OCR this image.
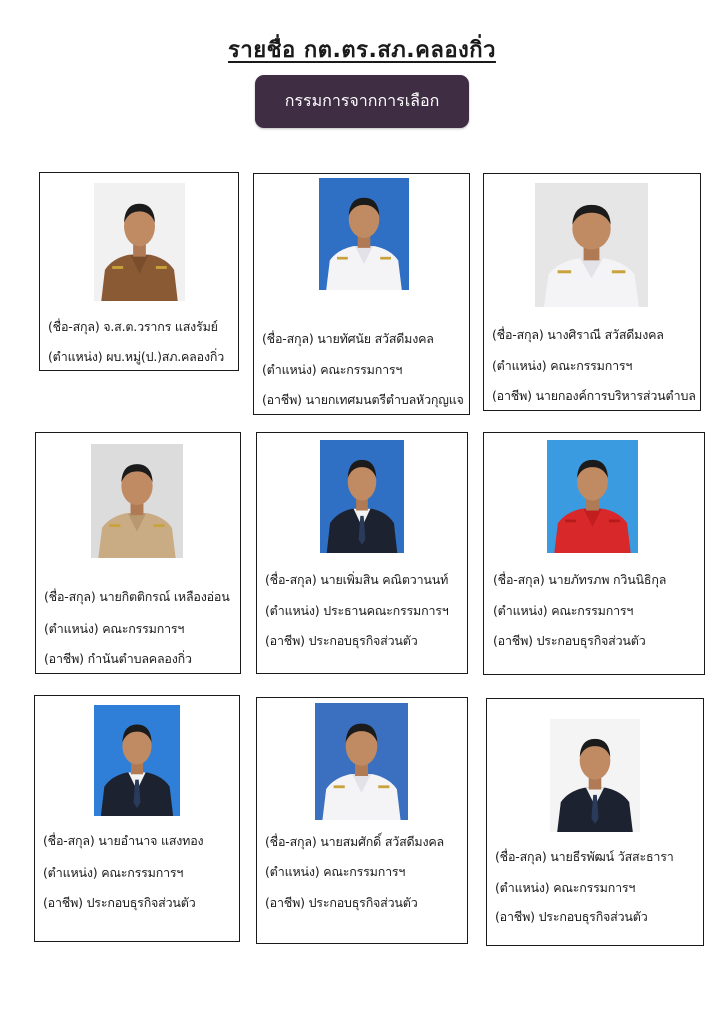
รายชื่อ กต.ตร.สภ.คลองกิ่ว
กรรมการจากการเลือก
(ชื่อ-สกุล) จ.ส.ต.วรากร แสงรัมย์
(ตำแหน่ง) ผบ.หมู่(ป.)สภ.คลองกิ่ว
(ชื่อ-สกุล) นายทัศนัย สวัสดีมงคล
(ตำแหน่ง) คณะกรรมการฯ
(อาชีพ) นายกเทศมนตรีตำบลหัวกุญแจ
(ชื่อ-สกุล) นางศิราณี สวัสดีมงคล
(ตำแหน่ง) คณะกรรมการฯ
(อาชีพ) นายกองค์การบริหารส่วนตำบล
(ชื่อ-สกุล) นายกิตติกรณ์ เหลืองอ่อน
(ตำแหน่ง) คณะกรรมการฯ
(อาชีพ) กำนันตำบลคลองกิ่ว
(ชื่อ-สกุล) นายเพิ่มสิน คณิตวานนท์
(ตำแหน่ง) ประธานคณะกรรมการฯ
(อาชีพ) ประกอบธุรกิจส่วนตัว
(ชื่อ-สกุล) นายภัทรภพ กวินนิธิกุล
(ตำแหน่ง) คณะกรรมการฯ
(อาชีพ) ประกอบธุรกิจส่วนตัว
(ชื่อ-สกุล) นายอำนาจ แสงทอง
(ตำแหน่ง) คณะกรรมการฯ
(อาชีพ) ประกอบธุรกิจส่วนตัว
(ชื่อ-สกุล) นายสมศักดิ์ สวัสดีมงคล
(ตำแหน่ง) คณะกรรมการฯ
(อาชีพ) ประกอบธุรกิจส่วนตัว
(ชื่อ-สกุล) นายธีรพัฒน์ วัสสะธารา
(ตำแหน่ง) คณะกรรมการฯ
(อาชีพ) ประกอบธุรกิจส่วนตัว
